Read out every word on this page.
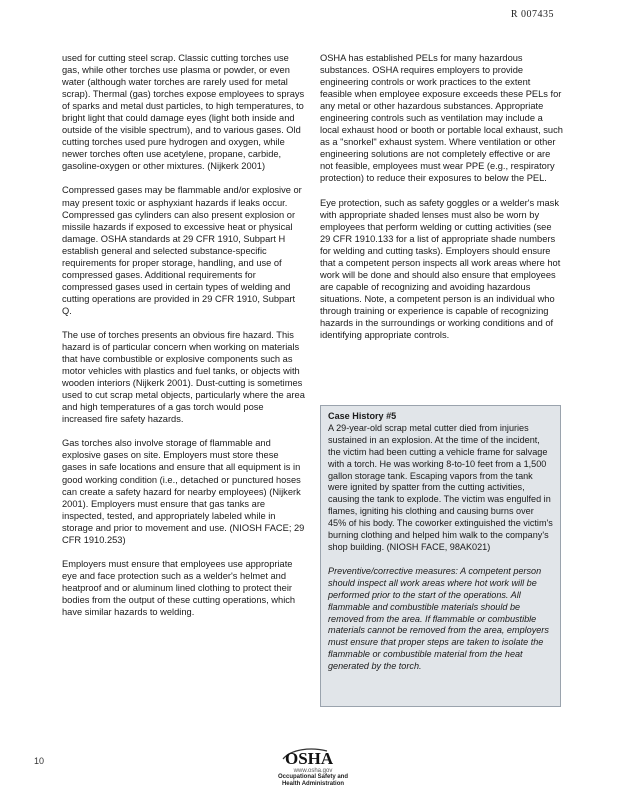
R 007435

used for cutting steel scrap. Classic cutting torches use gas, while other torches use plasma or powder, or even water (although water torches are rarely used for metal scrap). Thermal (gas) torches expose employees to sprays of sparks and metal dust particles, to high temperatures, to bright light that could damage eyes (light both inside and outside of the visible spectrum), and to various gases. Old cutting torches used pure hydrogen and oxygen, while newer torches often use acetylene, propane, carbide, gasoline-oxygen or other mixtures. (Nijkerk 2001)

Compressed gases may be flammable and/or explosive or may present toxic or asphyxiant hazards if leaks occur. Compressed gas cylinders can also present explosion or missile hazards if exposed to excessive heat or physical damage. OSHA standards at 29 CFR 1910, Subpart H establish general and selected substance-specific requirements for proper storage, handling, and use of compressed gases. Additional requirements for compressed gases used in certain types of welding and cutting operations are provided in 29 CFR 1910, Subpart Q.

The use of torches presents an obvious fire hazard. This hazard is of particular concern when working on materials that have combustible or explosive components such as motor vehicles with plastics and fuel tanks, or objects with wooden interiors (Nijkerk 2001). Dust-cutting is sometimes used to cut scrap metal objects, particularly where the area and high temperatures of a gas torch would pose increased fire safety hazards.

Gas torches also involve storage of flammable and explosive gases on site. Employers must store these gases in safe locations and ensure that all equipment is in good working condition (i.e., detached or punctured hoses can create a safety hazard for nearby employees) (Nijkerk 2001). Employers must ensure that gas tanks are inspected, tested, and appropriately labeled while in storage and prior to movement and use. (NIOSH FACE; 29 CFR 1910.253)

Employers must ensure that employees use appropriate eye and face protection such as a welder's helmet and heatproof and or aluminum lined clothing to protect their bodies from the output of these cutting operations, which have similar hazards to welding.

OSHA has established PELs for many hazardous substances. OSHA requires employers to provide engineering controls or work practices to the extent feasible when employee exposure exceeds these PELs for any metal or other hazardous substances. Appropriate engineering controls such as ventilation may include a local exhaust hood or booth or portable local exhaust, such as a "snorkel" exhaust system. Where ventilation or other engineering solutions are not completely effective or are not feasible, employees must wear PPE (e.g., respiratory protection) to reduce their exposures to below the PEL.

Eye protection, such as safety goggles or a welder's mask with appropriate shaded lenses must also be worn by employees that perform welding or cutting activities (see 29 CFR 1910.133 for a list of appropriate shade numbers for welding and cutting tasks). Employers should ensure that a competent person inspects all work areas where hot work will be done and should also ensure that employees are capable of recognizing and avoiding hazardous situations. Note, a competent person is an individual who through training or experience is capable of recognizing hazards in the surroundings or working conditions and of identifying appropriate controls.

Case History #5

A 29-year-old scrap metal cutter died from injuries sustained in an explosion. At the time of the incident, the victim had been cutting a vehicle frame for salvage with a torch. He was working 8-to-10 feet from a 1,500 gallon storage tank. Escaping vapors from the tank were ignited by spatter from the cutting activities, causing the tank to explode. The victim was engulfed in flames, igniting his clothing and causing burns over 45% of his body. The coworker extinguished the victim's burning clothing and helped him walk to the company's shop building. (NIOSH FACE, 98AK021)

Preventive/corrective measures: A competent person should inspect all work areas where hot work will be performed prior to the start of the operations. All flammable and combustible materials should be removed from the area. If flammable or combustible materials cannot be removed from the area, employers must ensure that proper steps are taken to isolate the flammable or combustible material from the heat generated by the torch.

10	OSHA
www.osha.gov
Occupational Safety and
Health Administration
